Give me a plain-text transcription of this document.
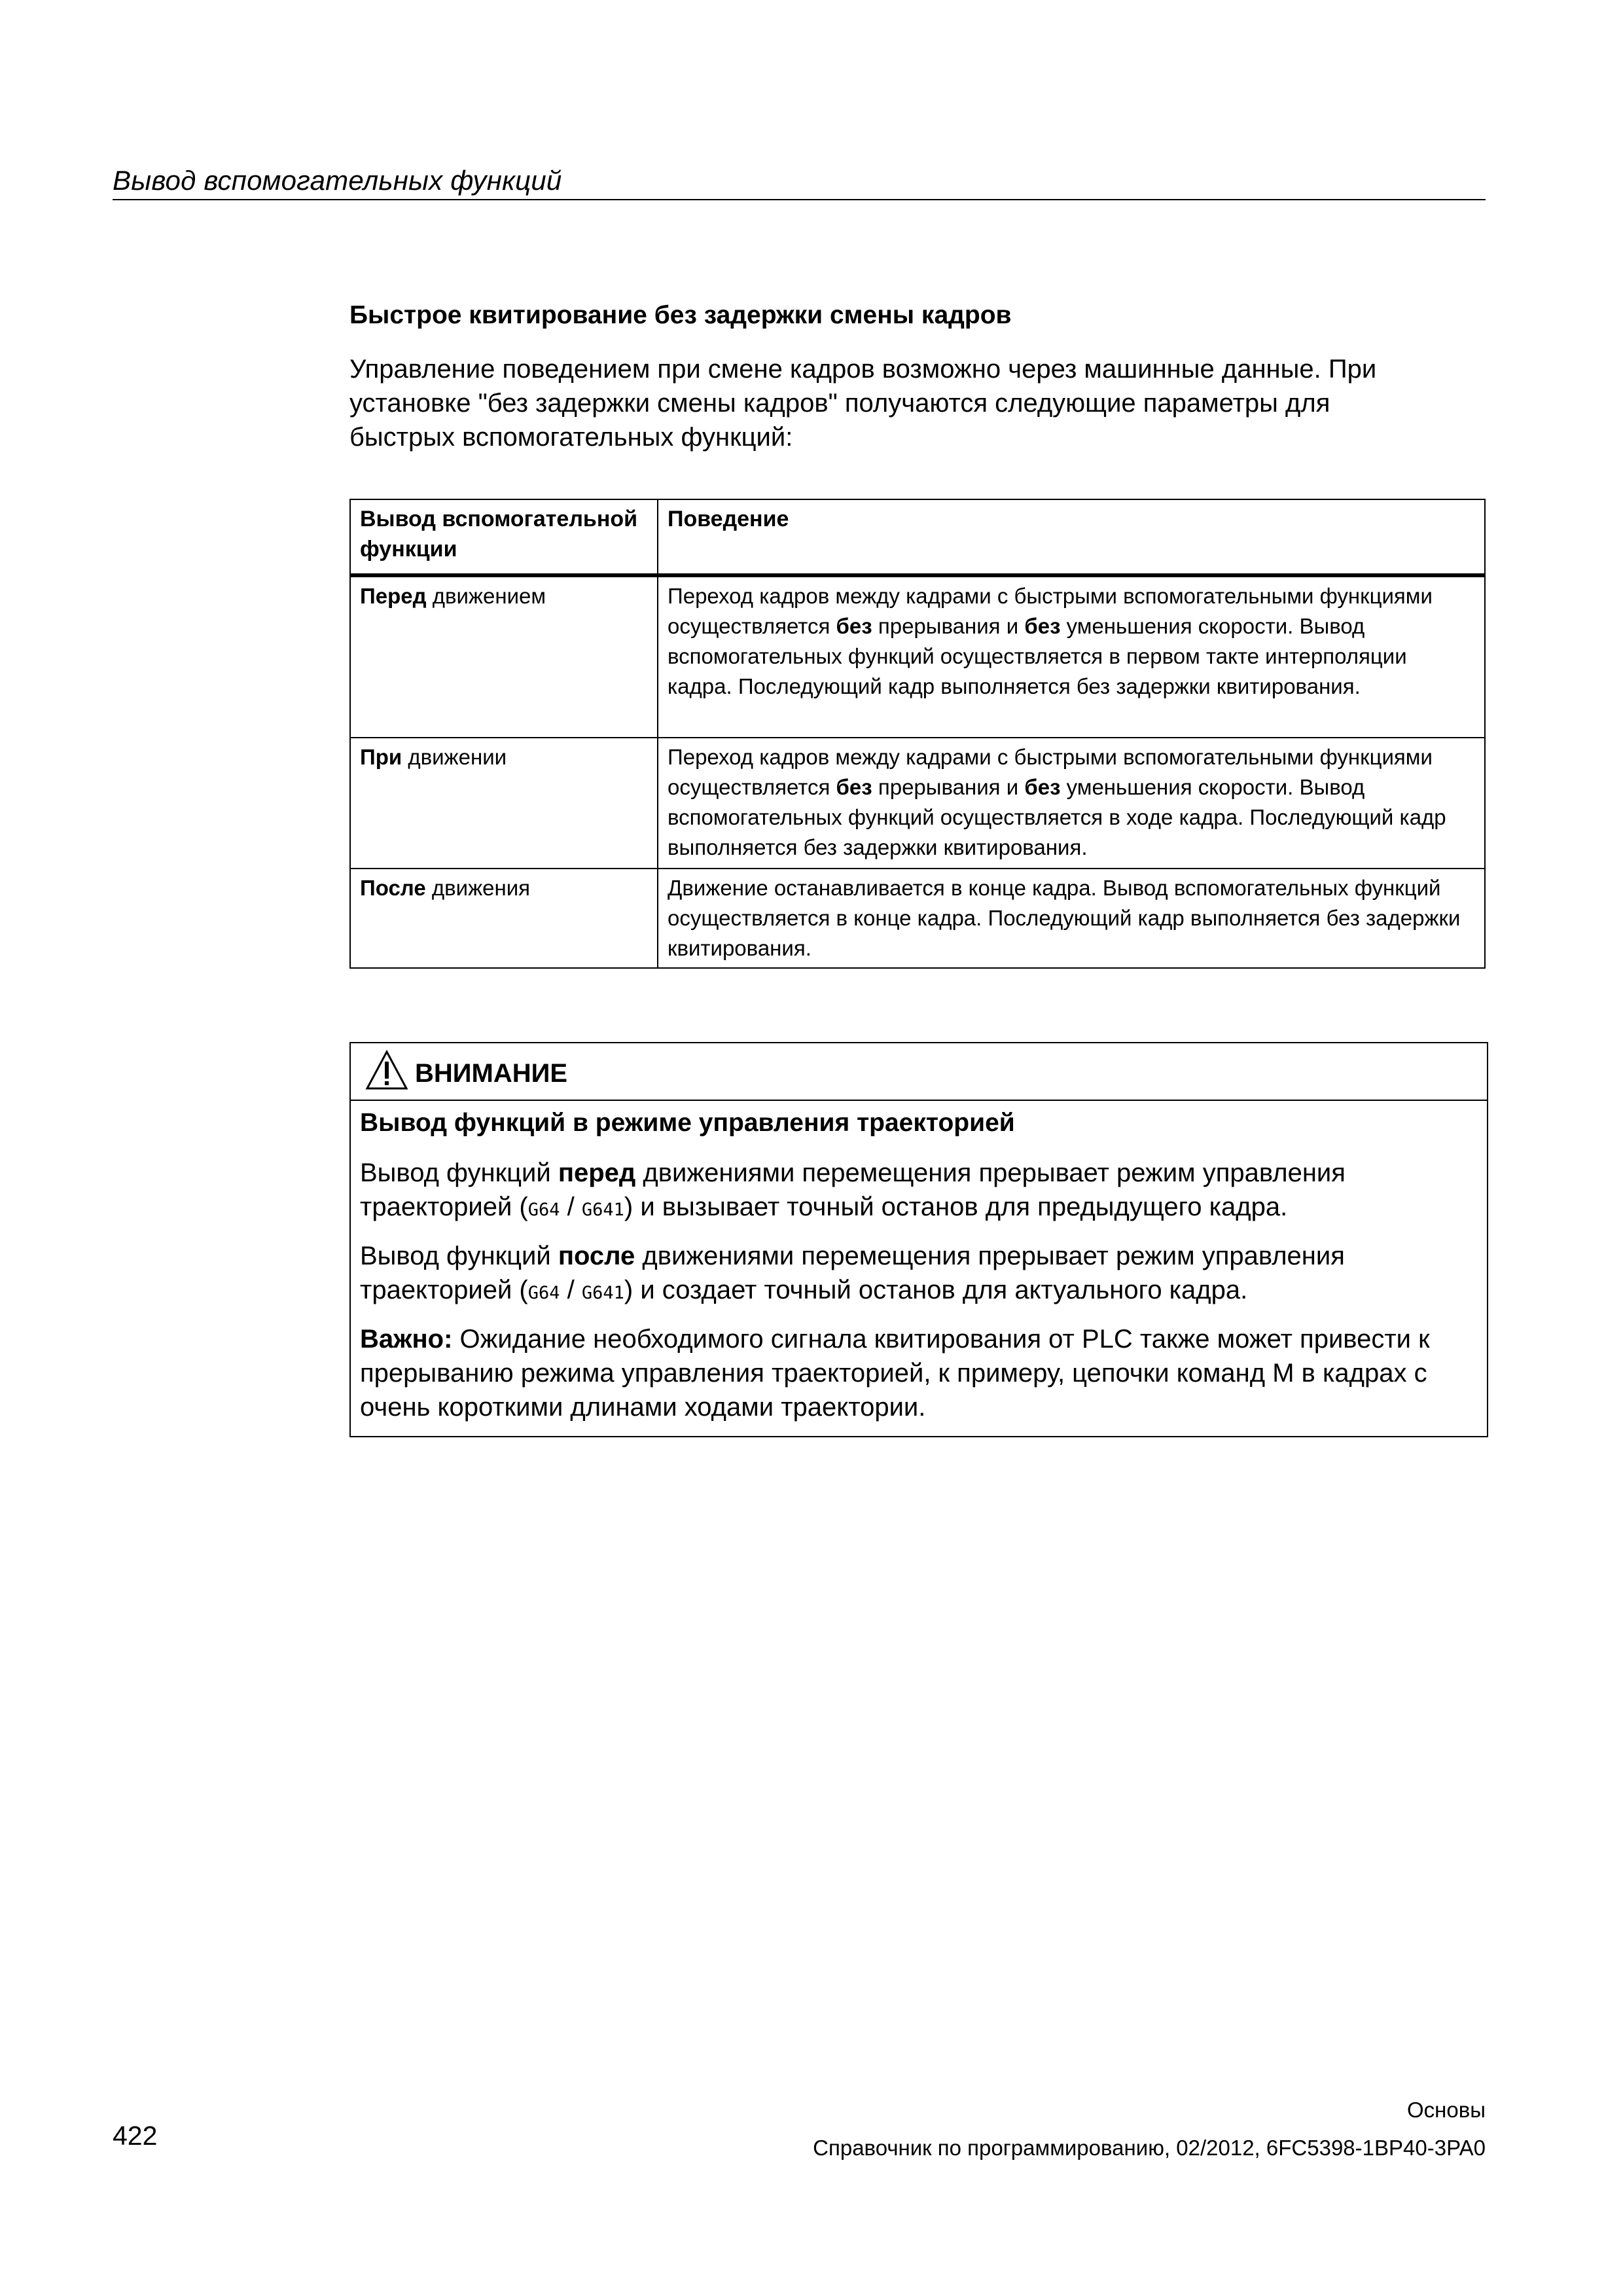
Вывод вспомогательных функций
Быстрое квитирование без задержки смены кадров
Управление поведением при смене кадров возможно через машинные данные. При
установке "без задержки смены кадров" получаются следующие параметры для
быстрых вспомогательных функций:
Вывод вспомогательной функции	Поведение
Перед движением	Переход кадров между кадрами с быстрыми вспомогательными функциями осуществляется без прерывания и без уменьшения скорости. Вывод вспомогательных функций осуществляется в первом такте интерполяции кадра. Последующий кадр выполняется без задержки квитирования.
При движении	Переход кадров между кадрами с быстрыми вспомогательными функциями осуществляется без прерывания и без уменьшения скорости. Вывод вспомогательных функций осуществляется в ходе кадра. Последующий кадр выполняется без задержки квитирования.
После движения	Движение останавливается в конце кадра. Вывод вспомогательных функций осуществляется в конце кадра. Последующий кадр выполняется без задержки квитирования.
ВНИМАНИЕ
Вывод функций в режиме управления траекторией

Вывод функций перед движениями перемещения прерывает режим управления траекторией (G64 / G641) и вызывает точный останов для предыдущего кадра.

Вывод функций после движениями перемещения прерывает режим управления траекторией (G64 / G641) и создает точный останов для актуального кадра.

Важно: Ожидание необходимого сигнала квитирования от PLC также может привести к прерыванию режима управления траекторией, к примеру, цепочки команд M в кадрах с очень короткими длинами ходами траектории.

422
Основы
Справочник по программированию, 02/2012, 6FC5398-1BP40-3PA0
